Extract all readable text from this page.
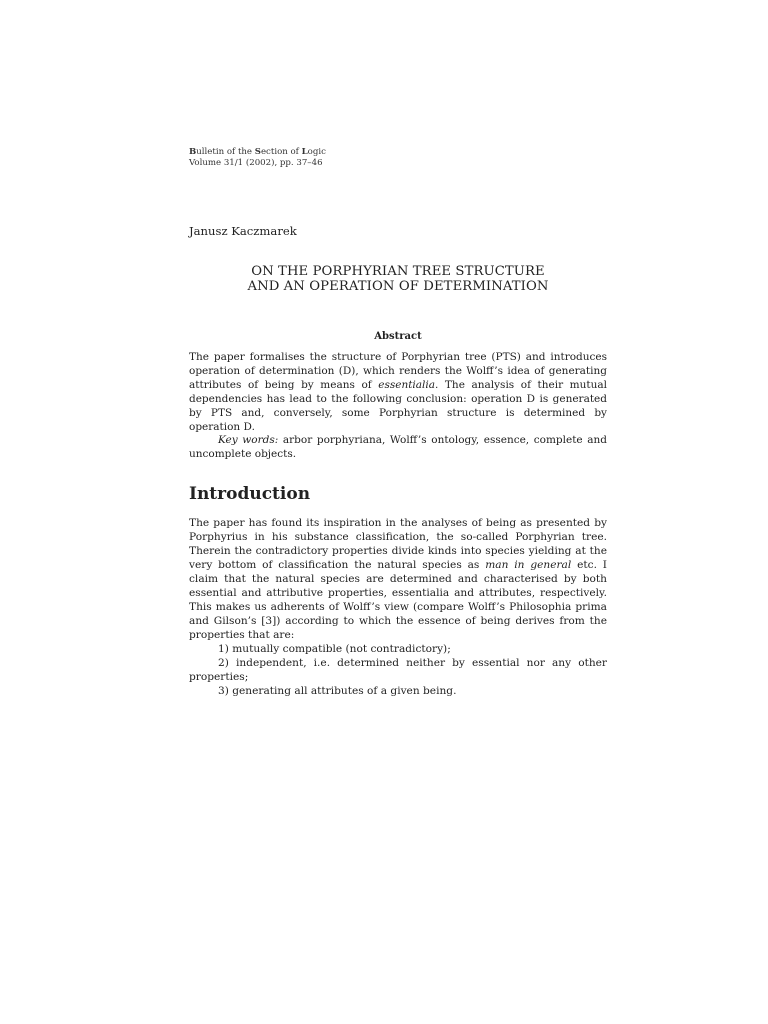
Bulletin of the Section of Logic
Volume 31/1 (2002), pp. 37–46
Janusz Kaczmarek
ON THE PORPHYRIAN TREE STRUCTURE
AND AN OPERATION OF DETERMINATION
Abstract
The paper formalises the structure of Porphyrian tree (PTS) and introduces operation of determination (D), which renders the Wolff’s idea of generating attributes of being by means of essentialia. The analysis of their mutual dependencies has lead to the following conclusion: operation D is generated by PTS and, conversely, some Porphyrian structure is determined by operation D.
Key words: arbor porphyriana, Wolff’s ontology, essence, complete and uncomplete objects.
Introduction
The paper has found its inspiration in the analyses of being as presented by Porphyrius in his substance classification, the so-called Porphyrian tree. Therein the contradictory properties divide kinds into species yielding at the very bottom of classification the natural species as man in general etc. I claim that the natural species are determined and characterised by both essential and attributive properties, essentialia and attributes, respectively. This makes us adherents of Wolff’s view (compare Wolff’s Philosophia prima and Gilson’s [3]) according to which the essence of being derives from the properties that are:
1) mutually compatible (not contradictory);
2) independent, i.e. determined neither by essential nor any other properties;
3) generating all attributes of a given being.
